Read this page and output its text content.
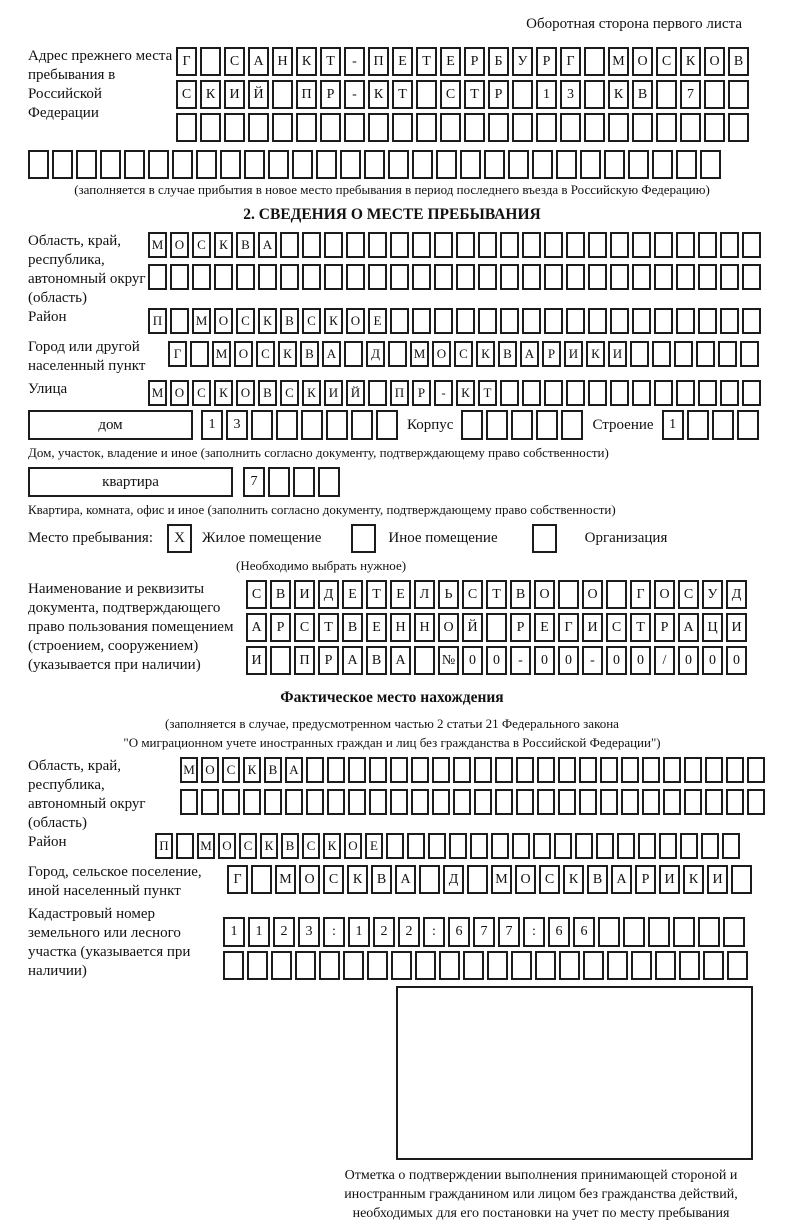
Оборотная сторона первого листа
Адрес прежнего места пребывания в Российской Федерации
Г	С	А Н	К	Т	-	П	Е	Т	Е	Р	Б	У	Р	Г	М О	С	К	О	В
С	К	И Й	П	Р	-	К	Т	С	Т	Р	1	3	К	В	7
(заполняется в случае прибытия в новое место пребывания в период последнего въезда в Российскую Федерацию)
2. СВЕДЕНИЯ О МЕСТЕ ПРЕБЫВАНИЯ
Область, край, республика, автономный округ (область)
М О С	К	В А
Район	П	М О С	К	В	С	К О	Е
Город или другой населенный пункт
Г	М О С	К	В А	Д	М О С	К	В А	Р	И К И
Улица	М О С	К О В	С	К И Й	П	Р	-	К	Т
дом	1	3	Корпус	Строение	1
Дом, участок, владение и иное (заполнить согласно документу, подтверждающему право собственности)
квартира	7
Квартира, комната, офис и иное (заполнить согласно документу, подтверждающему право собственности)
Место пребывания:	X	Жилое помещение	Иное помещение	Организация
(Необходимо выбрать нужное)
Наименование и реквизиты документа, подтверждающего право пользования помещением (строением, сооружением) (указывается при наличии)
С	В	И	Д	Е	Т	Е	Л	Ь	С	Т	В	О	О	Г	О	С	У	Д
А	Р	С	Т	В	Е	Н Н О Й	Р	Е	Г	И	С	Т	Р	А Ц И
И	П	Р	А	В	А	№ 0	0	-	0	0	-	0	0	/	0	0	0
Фактическое место нахождения
(заполняется в случае, предусмотренном частью 2 статьи 21 Федерального закона
"О миграционном учете иностранных граждан и лиц без гражданства в Российской Федерации")
Область, край, республика, автономный округ (область)
М О С К В А
Район	П	М О С К В С К О Е
Город, сельское поселение, иной населенный пункт
Г	М О	С	К	В	А	Д	М О	С	К	В	А	Р	И	К	И
Кадастровый номер земельного или лесного участка (указывается при наличии)
1	1	2	3	:	1	2	2	:	6	7	7	:	6	6
Отметка о подтверждении выполнения принимающей стороной и иностранным гражданином или лицом без гражданства действий, необходимых для его постановки на учет по месту пребывания
